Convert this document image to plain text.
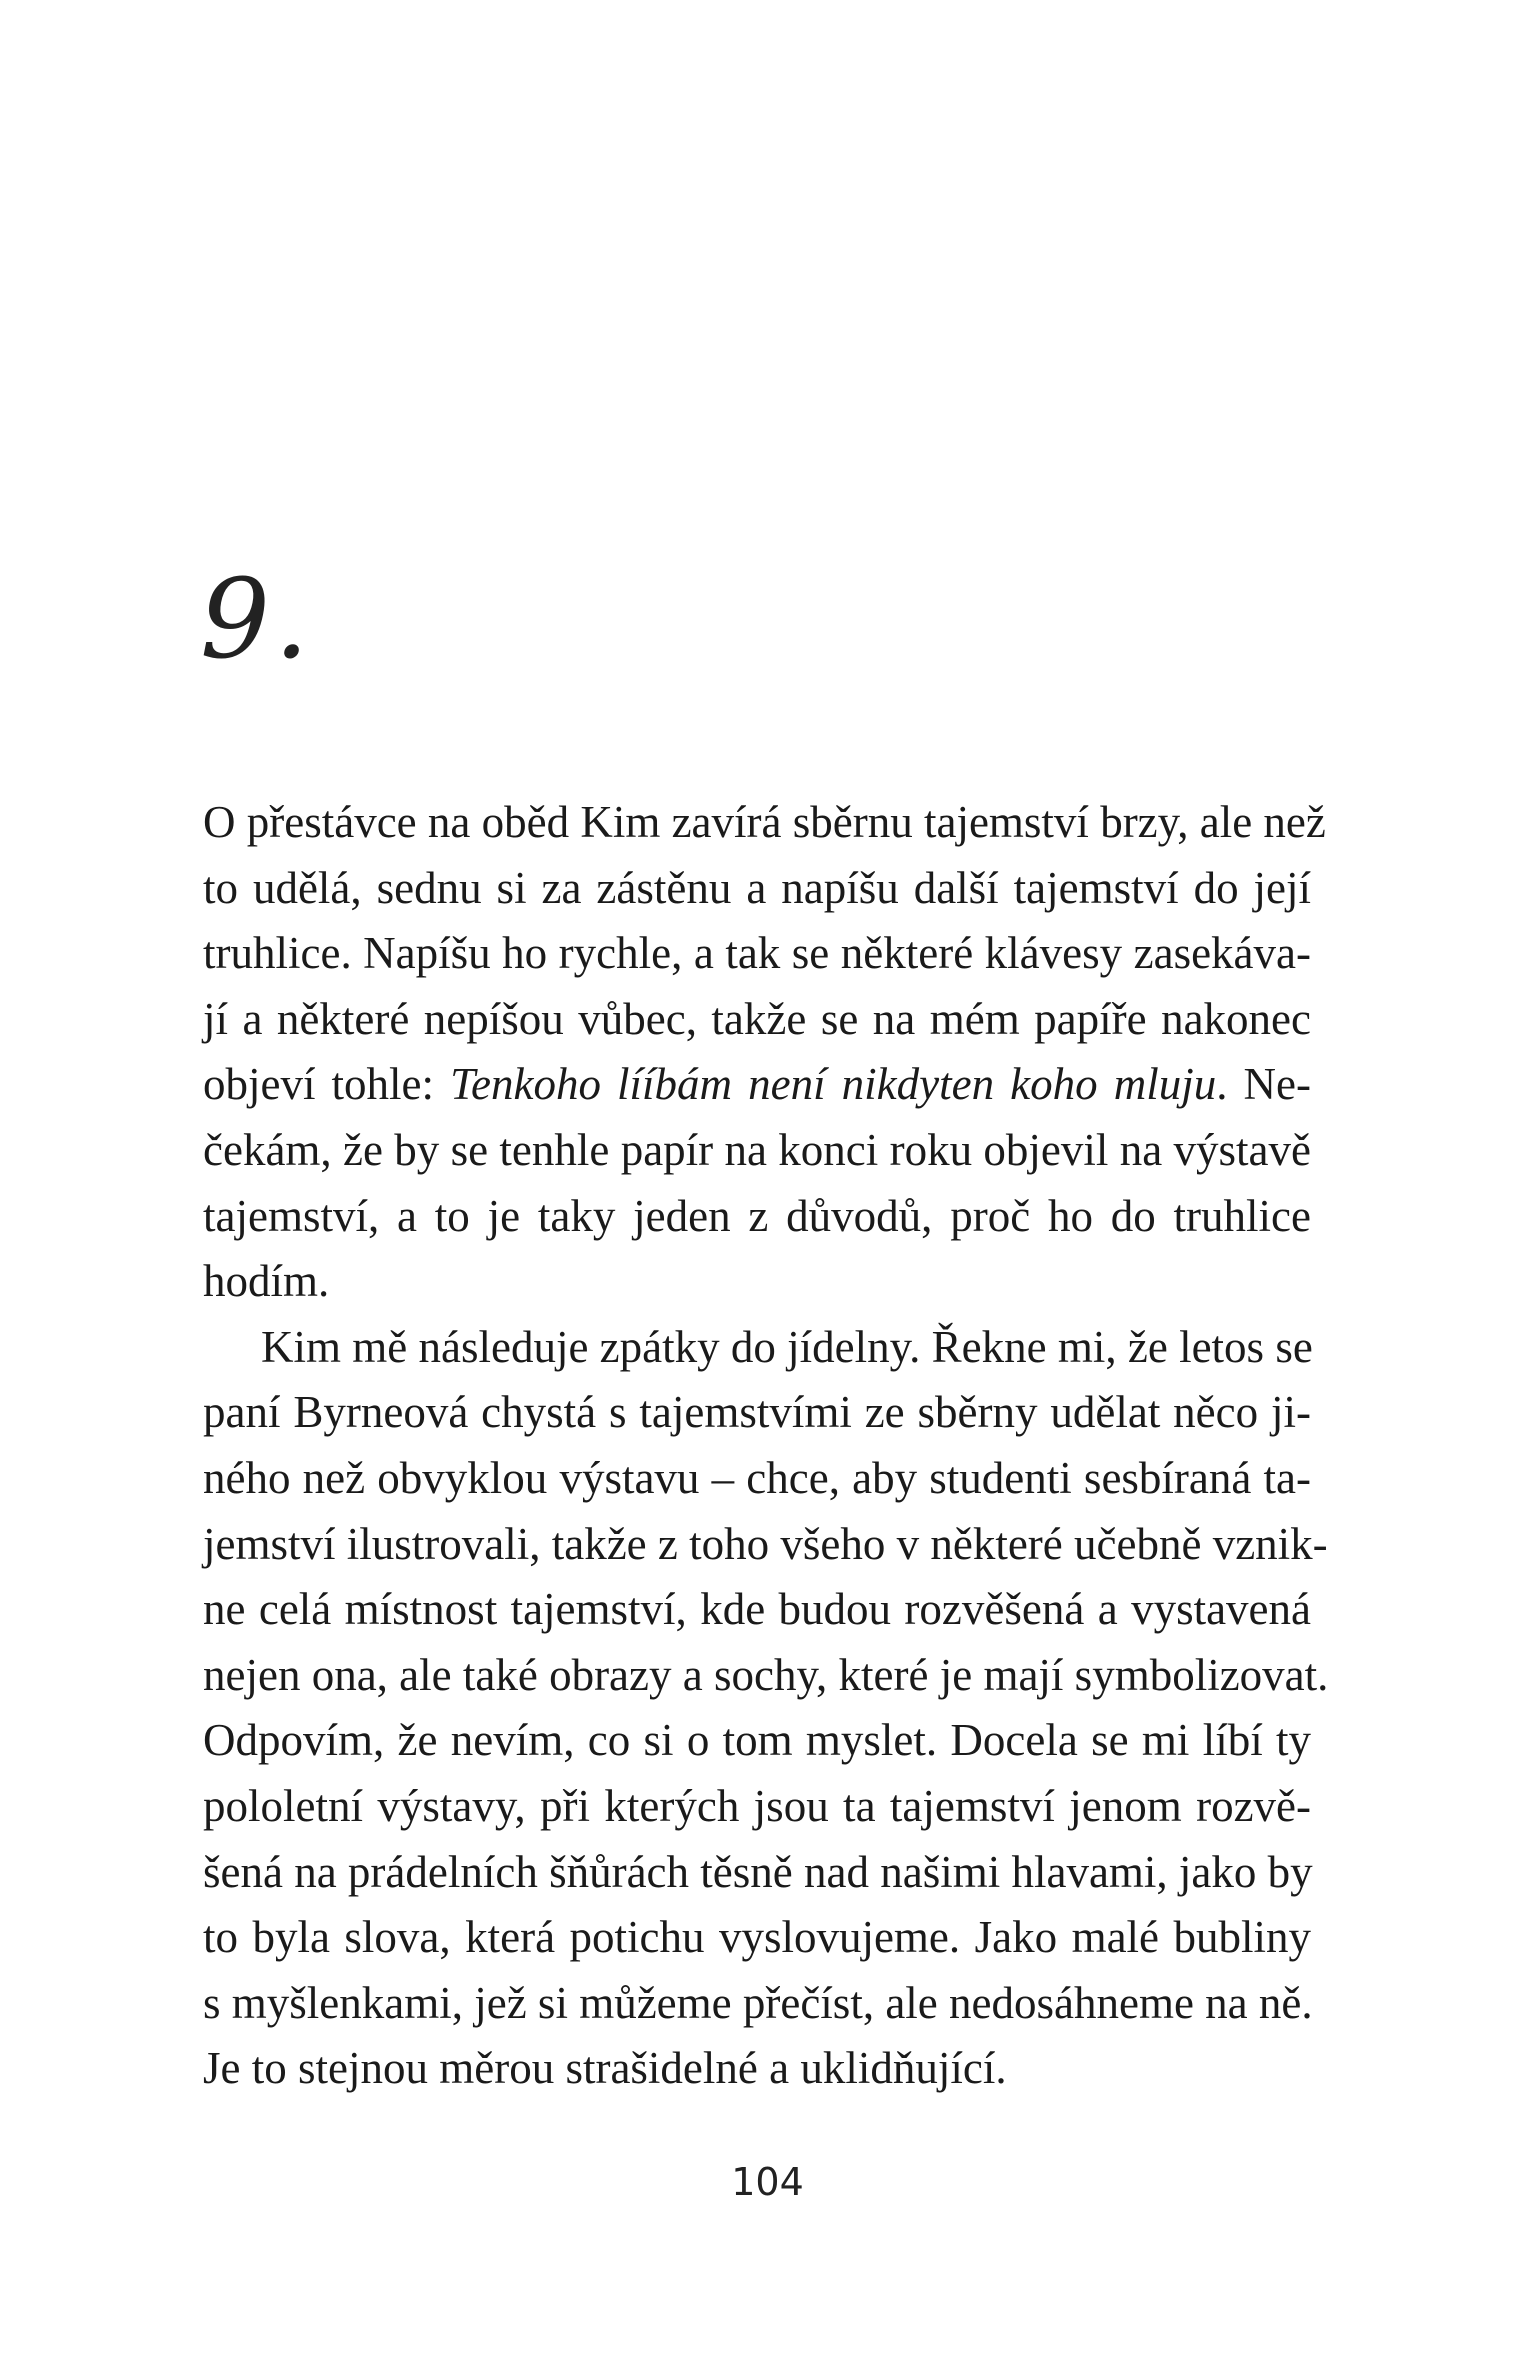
9.
O přestávce na oběd Kim zavírá sběrnu tajemství brzy, ale než
to udělá, sednu si za zástěnu a napíšu další tajemství do její
truhlice. Napíšu ho rychle, a tak se některé klávesy zasekáva-
jí a některé nepíšou vůbec, takže se na mém papíře nakonec
objeví tohle: Tenkoho lííbám není nikdyten koho mluju. Ne-
čekám, že by se tenhle papír na konci roku objevil na výstavě
tajemství, a to je taky jeden z důvodů, proč ho do truhlice
hodím.
Kim mě následuje zpátky do jídelny. Řekne mi, že letos se
paní Byrneová chystá s tajemstvími ze sběrny udělat něco ji-
ného než obvyklou výstavu – chce, aby studenti sesbíraná ta-
jemství ilustrovali, takže z toho všeho v některé učebně vznik-
ne celá místnost tajemství, kde budou rozvěšená a vystavená
nejen ona, ale také obrazy a sochy, které je mají symbolizovat.
Odpovím, že nevím, co si o tom myslet. Docela se mi líbí ty
pololetní výstavy, při kterých jsou ta tajemství jenom rozvě-
šená na prádelních šňůrách těsně nad našimi hlavami, jako by
to byla slova, která potichu vyslovujeme. Jako malé bubliny
s myšlenkami, jež si můžeme přečíst, ale nedosáhneme na ně.
Je to stejnou měrou strašidelné a uklidňující.
104
